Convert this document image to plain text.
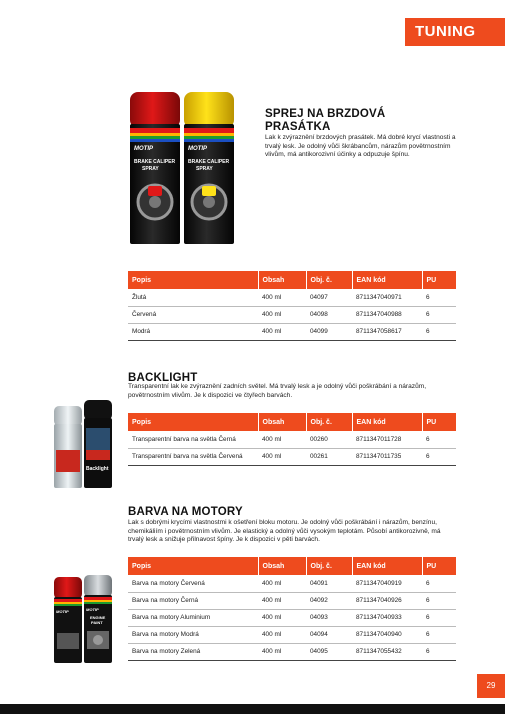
TUNING
MOTIP
BRAKE CALIPER
SPRAY
MOTIP
BRAKE CALIPER
SPRAY
SPREJ NA BRZDOVÁ
PRASÁTKA
Lak k zvýraznění brzdových prasátek. Má dobré krycí vlastnosti a trvalý lesk. Je odolný vůči škrábancům, nárazům povětrnostním vlivům, má antikorozivní účinky a odpuzuje špínu.
Popis	Obsah	Obj. č.	EAN kód	PU
Žlutá	400 ml	04097	8711347040971	6
Červená	400 ml	04098	8711347040988	6
Modrá	400 ml	04099	8711347058617	6
BACKLIGHT
Transparentní lak ke zvýraznění zadních světel. Má trvalý lesk a je odolný vůči poškrábání a nárazům, povětrnostním vlivům. Je k dispozici ve čtyřech barvách.
Backlight
Popis	Obsah	Obj. č.	EAN kód	PU
Transparentní barva na světla Černá	400 ml	00260	8711347011728	6
Transparentní barva na světla Červená	400 ml	00261	8711347011735	6
BARVA NA MOTORY
Lak s dobrými krycími vlastnostmi k ošetření bloku motoru. Je odolný vůči poškrábání i nárazům, benzínu, chemikáliím i povětrnostním vlivům. Je elastický a odolný vůči vysokým teplotám. Působí antikorozivně, má trvalý lesk a snižuje přilnavost špíny. Je k dispozici v pěti barvách.
MOTIP	MOTIP
ENGINE
PAINT
Popis	Obsah	Obj. č.	EAN kód	PU
Barva na motory Červená	400 ml	04091	8711347040919	6
Barva na motory Černá	400 ml	04092	8711347040926	6
Barva na motory Aluminium	400 ml	04093	8711347040933	6
Barva na motory Modrá	400 ml	04094	8711347040940	6
Barva na motory Zelená	400 ml	04095	8711347055432	6
29
